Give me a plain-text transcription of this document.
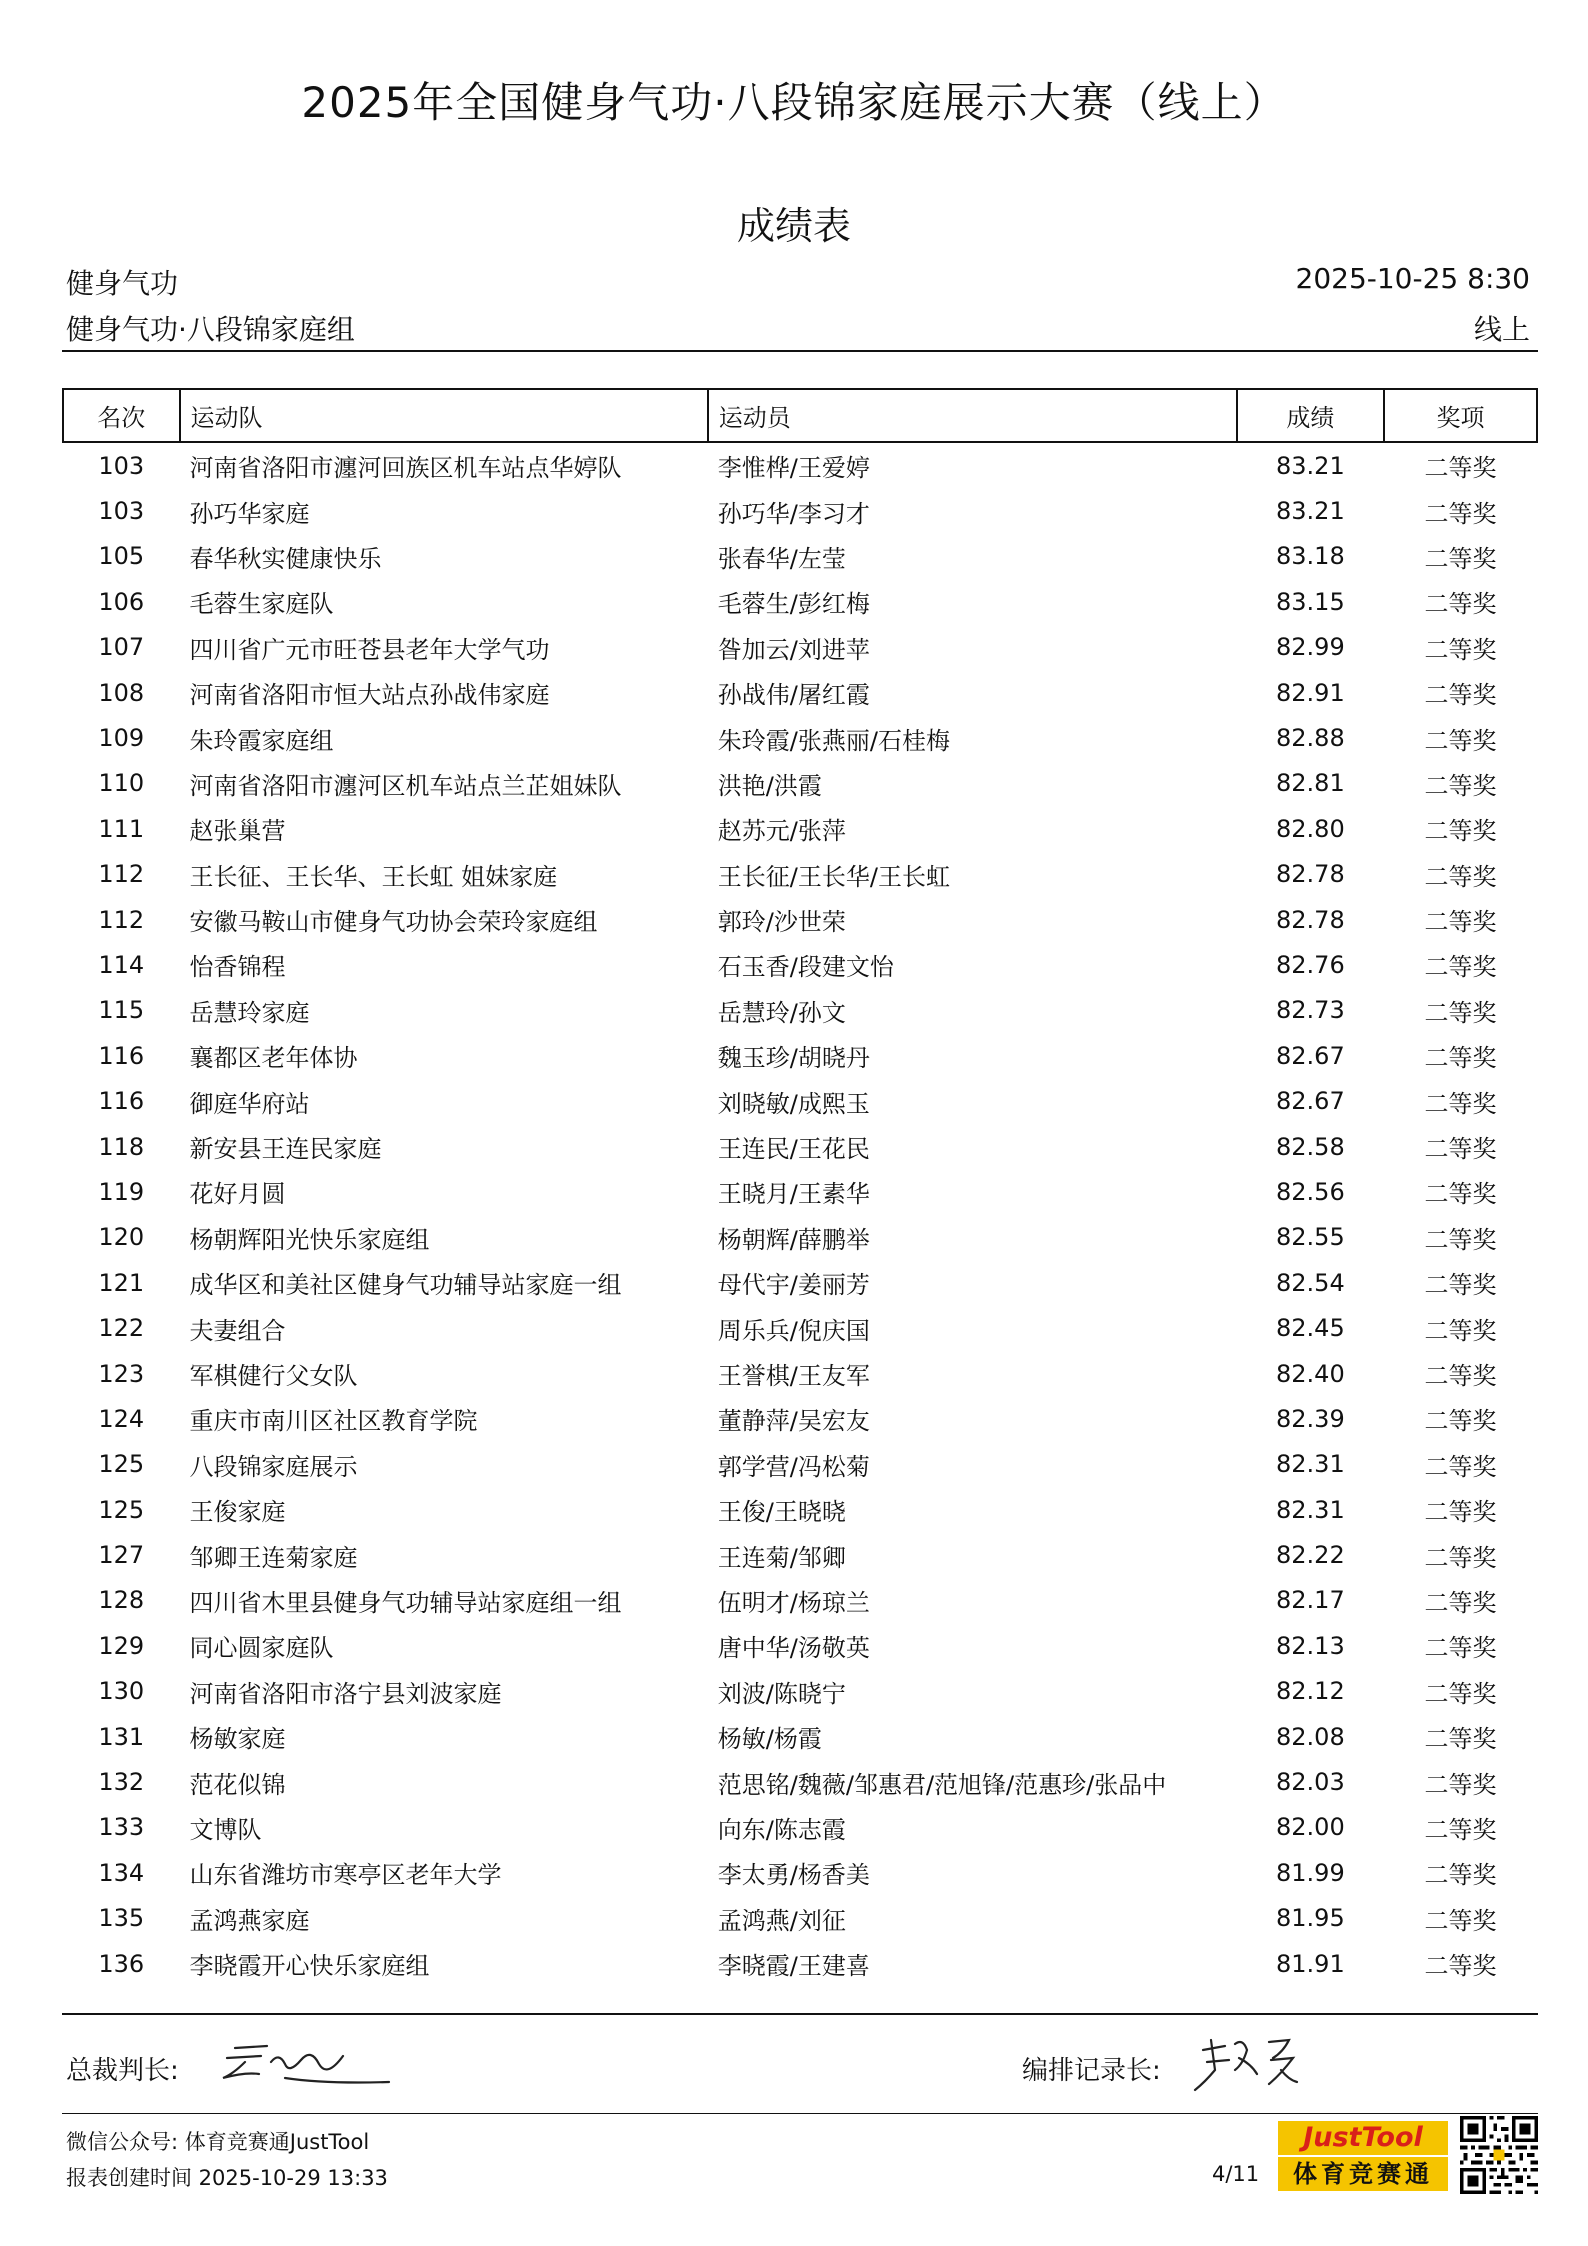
2025年全国健身气功·八段锦家庭展示大赛（线上）
成绩表
健身气功	2025-10-25 8:30
健身气功·八段锦家庭组	线上
名次	运动队	运动员	成绩	奖项
103	河南省洛阳市瀍河回族区机车站点华婷队	李惟桦/王爱婷	83.21	二等奖
103	孙巧华家庭	孙巧华/李习才	83.21	二等奖
105	春华秋实健康快乐	张春华/左莹	83.18	二等奖
106	毛蓉生家庭队	毛蓉生/彭红梅	83.15	二等奖
107	四川省广元市旺苍县老年大学气功	昝加云/刘进苹	82.99	二等奖
108	河南省洛阳市恒大站点孙战伟家庭	孙战伟/屠红霞	82.91	二等奖
109	朱玲霞家庭组	朱玲霞/张燕丽/石桂梅	82.88	二等奖
110	河南省洛阳市瀍河区机车站点兰芷姐妹队	洪艳/洪霞	82.81	二等奖
111	赵张巢营	赵苏元/张萍	82.80	二等奖
112	王长征、王长华、王长虹 姐妹家庭	王长征/王长华/王长虹	82.78	二等奖
112	安徽马鞍山市健身气功协会荣玲家庭组	郭玲/沙世荣	82.78	二等奖
114	怡香锦程	石玉香/段建文怡	82.76	二等奖
115	岳慧玲家庭	岳慧玲/孙文	82.73	二等奖
116	襄都区老年体协	魏玉珍/胡晓丹	82.67	二等奖
116	御庭华府站	刘晓敏/成熙玉	82.67	二等奖
118	新安县王连民家庭	王连民/王花民	82.58	二等奖
119	花好月圆	王晓月/王素华	82.56	二等奖
120	杨朝辉阳光快乐家庭组	杨朝辉/薛鹏举	82.55	二等奖
121	成华区和美社区健身气功辅导站家庭一组	母代宇/姜丽芳	82.54	二等奖
122	夫妻组合	周乐兵/倪庆国	82.45	二等奖
123	军棋健行父女队	王誉棋/王友军	82.40	二等奖
124	重庆市南川区社区教育学院	董静萍/吴宏友	82.39	二等奖
125	八段锦家庭展示	郭学营/冯松菊	82.31	二等奖
125	王俊家庭	王俊/王晓晓	82.31	二等奖
127	邹卿王连菊家庭	王连菊/邹卿	82.22	二等奖
128	四川省木里县健身气功辅导站家庭组一组	伍明才/杨琼兰	82.17	二等奖
129	同心圆家庭队	唐中华/汤敬英	82.13	二等奖
130	河南省洛阳市洛宁县刘波家庭	刘波/陈晓宁	82.12	二等奖
131	杨敏家庭	杨敏/杨霞	82.08	二等奖
132	范花似锦	范思铭/魏薇/邹惠君/范旭锋/范惠珍/张品中	82.03	二等奖
133	文博队	向东/陈志霞	82.00	二等奖
134	山东省潍坊市寒亭区老年大学	李太勇/杨香美	81.99	二等奖
135	孟鸿燕家庭	孟鸿燕/刘征	81.95	二等奖
136	李晓霞开心快乐家庭组	李晓霞/王建喜	81.91	二等奖
总裁判长:	编排记录长:
微信公众号: 体育竞赛通JustTool
报表创建时间 2025-10-29 13:33	4/11
JustTool
体育竞赛通
